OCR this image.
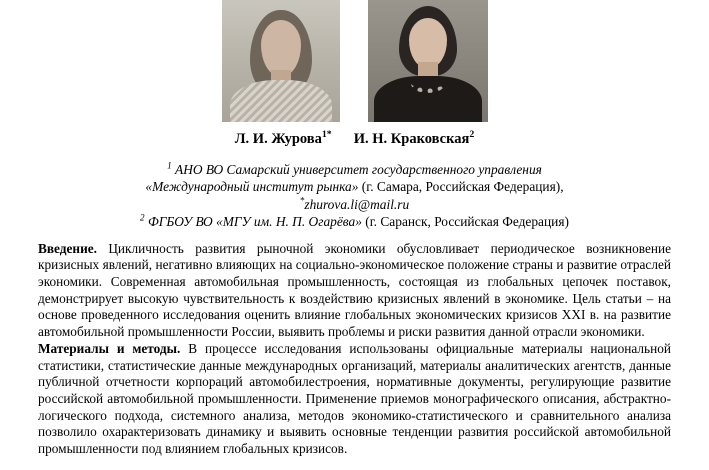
Л. И. Журова$^{1*}$ И. Н. Краковская$^2$
$^1$ АНО ВО Самарский университет государственного управления
«Международный институт рынка» (г. Самара, Российская Федерация),
*zhurova.li@mail.ru
$^2$ ФГБОУ ВО «МГУ им. Н. П. Огарёва» (г. Саранск, Российская Федерация)

Введение. Цикличность развития рыночной экономики обусловливает периодическое возникновение кризисных явлений, негативно влияющих на социально-экономическое положение страны и развитие отраслей экономики. Современная автомобильная промышленность, состоящая из глобальных цепочек поставок, демонстрирует высокую чувствительность к воздействию кризисных явлений в экономике. Цель статьи – на основе проведенного исследования оценить влияние глобальных экономических кризисов XXI в. на развитие автомобильной промышленности России, выявить проблемы и риски развития данной отрасли экономики.

Материалы и методы. В процессе исследования использованы официальные материалы национальной статистики, статистические данные международных организаций, материалы аналитических агентств, данные публичной отчетности корпораций автомобилестроения, нормативные документы, регулирующие развитие российской автомобильной промышленности. Применение приемов монографического описания, абстрактно-логического подхода, системного анализа, методов экономико-статистического и сравнительного анализа позволило охарактеризовать динамику и выявить основные тенденции развития российской автомобильной промышленности под влиянием глобальных кризисов.
